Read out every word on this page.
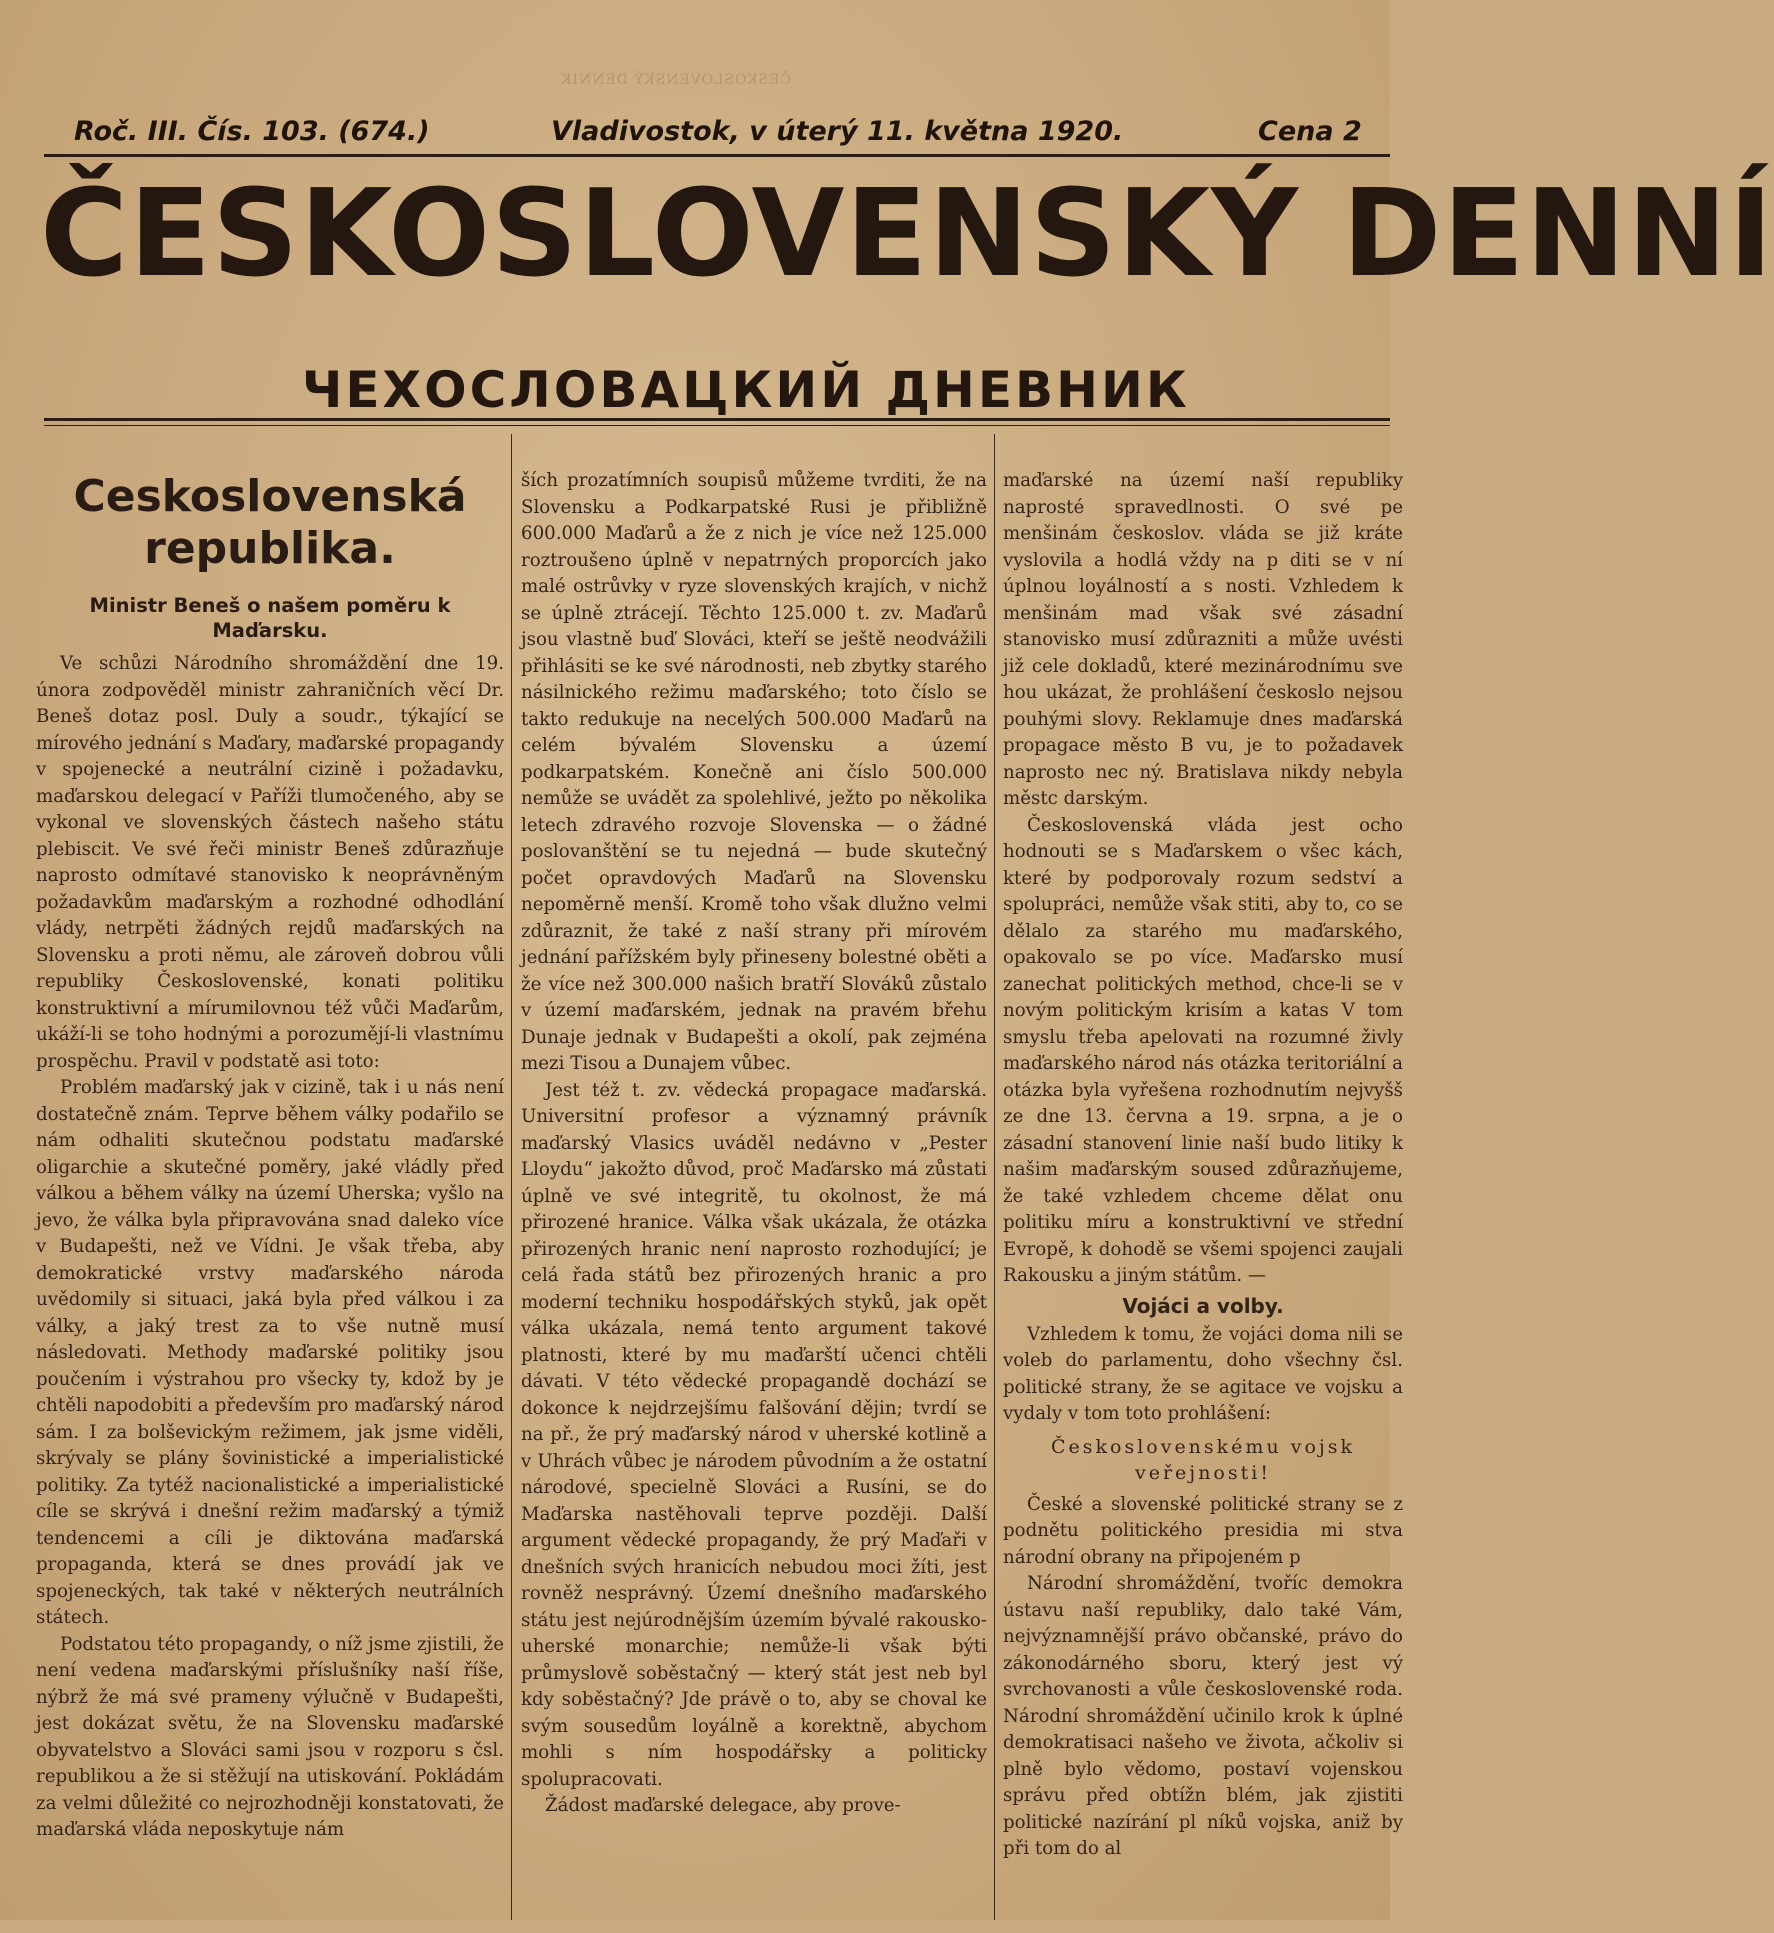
ČESKOSLOVENSKÝ DENNÍK
Roč. III. Čís. 103. (674.)	Vladivostok, v úterý 11. května 1920.	Cena 2
ČESKOSLOVENSKÝ DENNÍ
ЧЕХОСЛОВАЦКИЙ ДНЕВНИК
Ceskoslovenská republika.
Ministr Beneš o našem poměru k Maďarsku.

Ve schůzi Národního shromáždění dne 19. února zodpověděl ministr zahraničních věcí Dr. Beneš dotaz posl. Duly a soudr., týkající se mírového jednání s Maďary, maďarské propagandy v spojenecké a neutrální cizině i požadavku, maďarskou delegací v Paříži tlumočeného, aby se vykonal ve slovenských částech našeho státu plebiscit. Ve své řeči ministr Beneš zdůrazňuje naprosto odmítavé stanovisko k neoprávněným požadavkům maďarským a rozhodné odhodlání vlády, netrpěti žádných rejdů maďarských na Slovensku a proti němu, ale zároveň dobrou vůli republiky Československé, konati politiku konstruktivní a mírumilovnou též vůči Maďarům, ukáží-li se toho hodnými a porozumějí-li vlastnímu prospěchu. Pravil v podstatě asi toto:

Problém maďarský jak v cizině, tak i u nás není dostatečně znám. Teprve během války podařilo se nám odhaliti skutečnou podstatu maďarské oligarchie a skutečné poměry, jaké vládly před válkou a během války na území Uherska; vyšlo na jevo, že válka byla připravována snad daleko více v Budapešti, než ve Vídni. Je však třeba, aby demokratické vrstvy maďarského národa uvědomily si situaci, jaká byla před válkou i za války, a jaký trest za to vše nutně musí následovati. Methody maďarské politiky jsou poučením i výstrahou pro všecky ty, kdož by je chtěli napodobiti a především pro maďarský národ sám. I za bolševickým režimem, jak jsme viděli, skrývaly se plány šovinistické a imperialistické politiky. Za tytéž nacionalistické a imperialistické cíle se skrývá i dnešní režim maďarský a týmiž tendencemi a cíli je diktována maďarská propaganda, která se dnes provádí jak ve spojeneckých, tak také v některých neutrálních státech.

Podstatou této propagandy, o níž jsme zjistili, že není vedena maďarskými příslušníky naší říše, nýbrž že má své prameny výlučně v Budapešti, jest dokázat světu, že na Slovensku maďarské obyvatelstvo a Slováci sami jsou v rozporu s čsl. republikou a že si stěžují na utiskování. Pokládám za velmi důležité co nejrozhodněji konstatovati, že maďarská vláda neposkytuje nám

ších prozatímních soupisů můžeme tvrditi, že na Slovensku a Podkarpatské Rusi je přibližně 600.000 Maďarů a že z nich je více než 125.000 roztroušeno úplně v nepatrných proporcích jako malé ostrůvky v ryze slovenských krajích, v nichž se úplně ztrácejí. Těchto 125.000 t. zv. Maďarů jsou vlastně buď Slováci, kteří se ještě neodvážili přihlásiti se ke své národnosti, neb zbytky starého násilnického režimu maďarského; toto číslo se takto redukuje na necelých 500.000 Maďarů na celém bývalém Slovensku a území podkarpatském. Konečně ani číslo 500.000 nemůže se uvádět za spolehlivé, ježto po několika letech zdravého rozvoje Slovenska — o žádné poslovanštění se tu nejedná — bude skutečný počet opravdových Maďarů na Slovensku nepoměrně menší. Kromě toho však dlužno velmi zdůraznit, že také z naší strany při mírovém jednání pařížském byly přineseny bolestné oběti a že více než 300.000 našich bratří Slováků zůstalo v území maďarském, jednak na pravém břehu Dunaje jednak v Budapešti a okolí, pak zejména mezi Tisou a Dunajem vůbec.

Jest též t. zv. vědecká propagace maďarská. Universitní profesor a významný právník maďarský Vlasics uváděl nedávno v „Pester Lloydu“ jakožto důvod, proč Maďarsko má zůstati úplně ve své integritě, tu okolnost, že má přirozené hranice. Válka však ukázala, že otázka přirozených hranic není naprosto rozhodující; je celá řada států bez přirozených hranic a pro moderní techniku hospodářských styků, jak opět válka ukázala, nemá tento argument takové platnosti, které by mu maďarští učenci chtěli dávati. V této vědecké propagandě dochází se dokonce k nejdrzejšímu falšování dějin; tvrdí se na př., že prý maďarský národ v uherské kotlině a v Uhrách vůbec je národem původním a že ostatní národové, specielně Slováci a Rusíni, se do Maďarska nastěhovali teprve později. Další argument vědecké propagandy, že prý Maďaři v dnešních svých hranicích nebudou moci žíti, jest rovněž nesprávný. Území dnešního maďarského státu jest nejúrodnějším územím bývalé rakousko-uherské monarchie; nemůže-li však býti průmyslově soběstačný — který stát jest neb byl kdy soběstačný? Jde právě o to, aby se choval ke svým sousedům loyálně a korektně, abychom mohli s ním hospodářsky a politicky spolupracovati.

Žádost maďarské delegace, aby prove-

maďarské na území naší republiky naprosté spravedlnosti. O své pe menšinám českoslov. vláda se již kráte vyslovila a hodlá vždy na p diti se v ní úplnou loyálností a s nosti. Vzhledem k menšinám mad však své zásadní stanovisko musí zdůrazniti a může uvésti již cele dokladů, které mezinárodnímu sve hou ukázat, že prohlášení českoslo nejsou pouhými slovy. Reklamuje dnes maďarská propagace město B vu, je to požadavek naprosto nec ný. Bratislava nikdy nebyla městc darským.

Československá vláda jest ocho hodnouti se s Maďarskem o všec kách, které by podporovaly rozum sedství a spolupráci, nemůže však stiti, aby to, co se dělalo za starého mu maďarského, opakovalo se po více. Maďarsko musí zanechat politických method, chce-li se v novým politickým krisím a katas V tom smyslu třeba apelovati na rozumné živly maďarského národ nás otázka teritoriální a otázka byla vyřešena rozhodnutím nejvyšš ze dne 13. června a 19. srpna, a je o zásadní stanovení linie naší budo litiky k našim maďarským soused zdůrazňujeme, že také vzhledem chceme dělat onu politiku míru a konstruktivní ve střední Evropě, k dohodě se všemi spojenci zaujali Rakousku a jiným státům. —

Vojáci a volby.

Vzhledem k tomu, že vojáci doma nili se voleb do parlamentu, doho všechny čsl. politické strany, že se agitace ve vojsku a vydaly v tom toto prohlášení:

Československému vojsk veřejnosti!

České a slovenské politické strany se z podnětu politického presidia mi stva národní obrany na připojeném p

Národní shromáždění, tvoříc demokra ústavu naší republiky, dalo také Vám, nejvýznamnější právo občanské, právo do zákonodárného sboru, který jest vý svrchovanosti a vůle československé roda. Národní shromáždění učinilo krok k úplné demokratisaci našeho ve života, ačkoliv si plně bylo vědomo, postaví vojenskou správu před obtížn blém, jak zjistiti politické nazírání pl níků vojska, aniž by při tom do al
